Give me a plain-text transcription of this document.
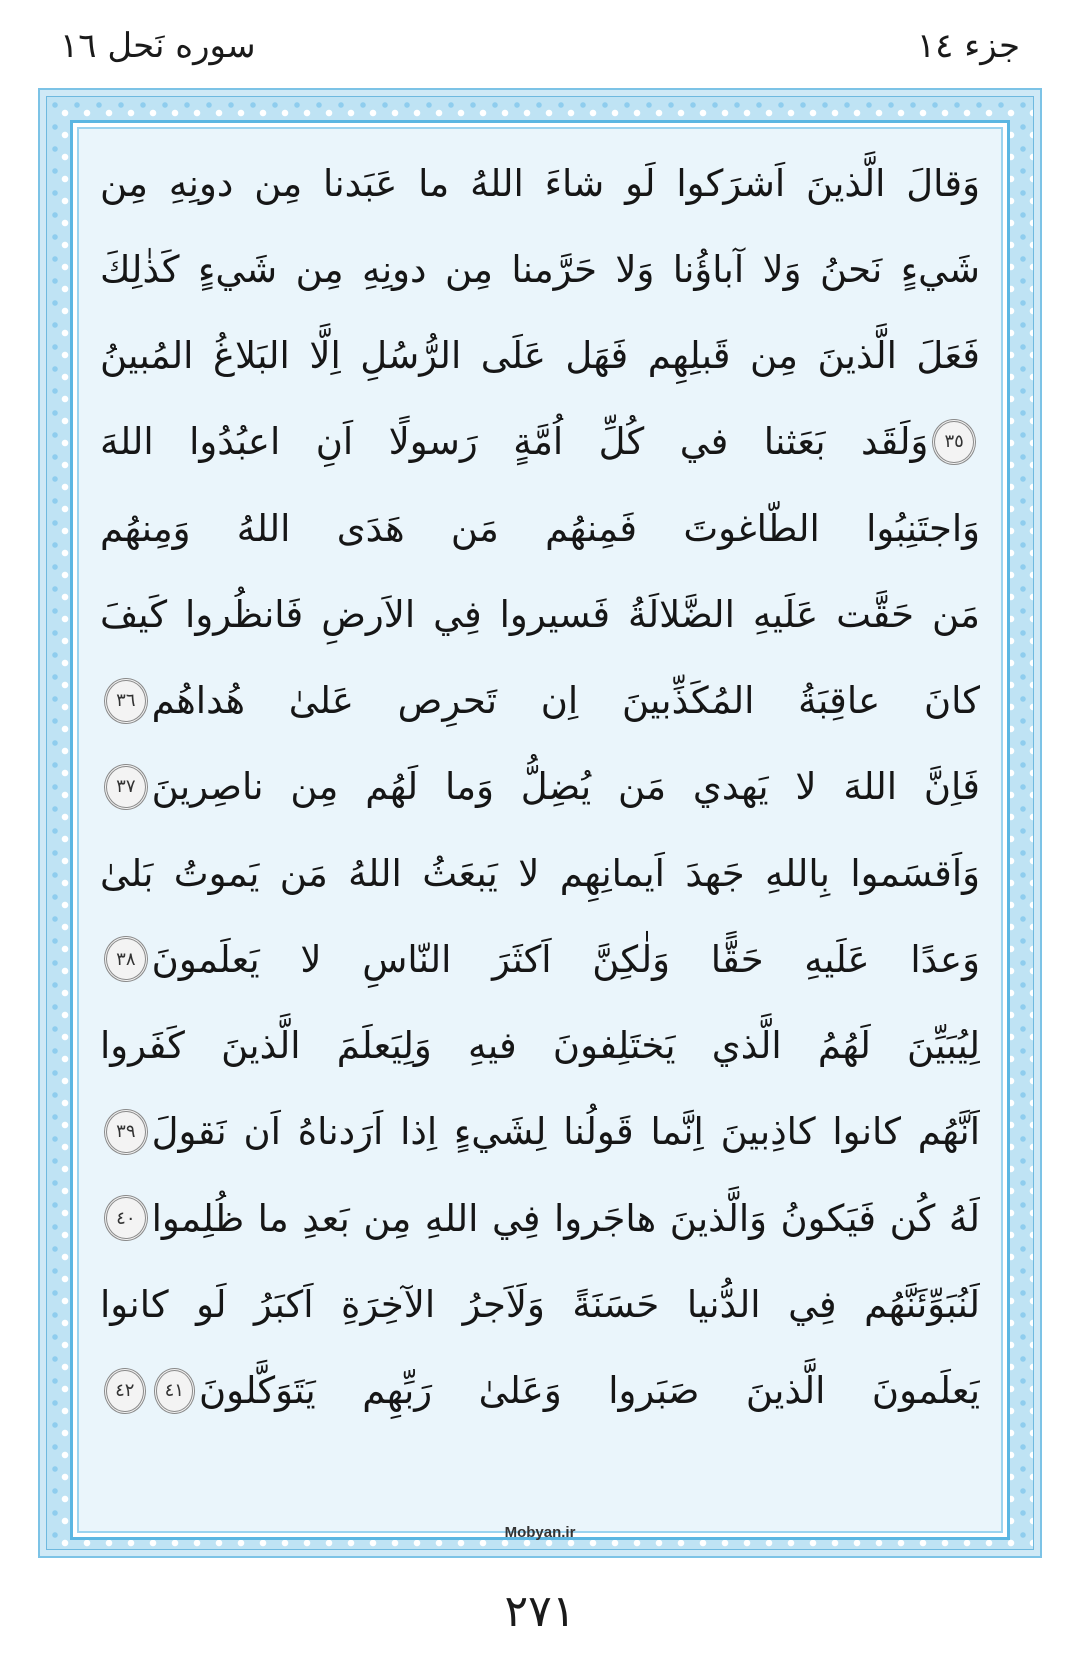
سوره نَحل ١٦	جزء ١٤
وَقالَ الَّذينَ اَشرَكوا لَو شاءَ اللهُ ما عَبَدنا مِن دونِهِ مِن
شَيءٍ نَحنُ وَلا آباؤُنا وَلا حَرَّمنا مِن دونِهِ مِن شَيءٍ كَذٰلِكَ
فَعَلَ الَّذينَ مِن قَبلِهِم فَهَل عَلَى الرُّسُلِ اِلَّا البَلاغُ المُبينُ
٣٥
وَلَقَد بَعَثنا في كُلِّ اُمَّةٍ رَسولًا اَنِ اعبُدُوا اللهَ
وَاجتَنِبُوا الطّاغوتَ فَمِنهُم مَن هَدَى اللهُ وَمِنهُم
مَن حَقَّت عَلَيهِ الضَّلالَةُ فَسيروا فِي الاَرضِ فَانظُروا كَيفَ
كانَ عاقِبَةُ المُكَذِّبينَ اِن تَحرِص عَلىٰ هُداهُم
٣٦
فَاِنَّ اللهَ لا يَهدي مَن يُضِلُّ وَما لَهُم مِن ناصِرينَ
٣٧
وَاَقسَموا بِاللهِ جَهدَ اَيمانِهِم لا يَبعَثُ اللهُ مَن يَموتُ بَلىٰ
وَعدًا عَلَيهِ حَقًّا وَلٰكِنَّ اَكثَرَ النّاسِ لا يَعلَمونَ
٣٨
لِيُبَيِّنَ لَهُمُ الَّذي يَختَلِفونَ فيهِ وَلِيَعلَمَ الَّذينَ كَفَروا
اَنَّهُم كانوا كاذِبينَ اِنَّما قَولُنا لِشَيءٍ اِذا اَرَدناهُ اَن نَقولَ
٣٩
لَهُ كُن فَيَكونُ وَالَّذينَ هاجَروا فِي اللهِ مِن بَعدِ ما ظُلِموا
٤٠
لَنُبَوِّئَنَّهُم فِي الدُّنيا حَسَنَةً وَلَاَجرُ الآخِرَةِ اَكبَرُ لَو كانوا
يَعلَمونَ الَّذينَ صَبَروا وَعَلىٰ رَبِّهِم يَتَوَكَّلونَ
٤١
٤٢
Mobyan.ir
٢٧١
